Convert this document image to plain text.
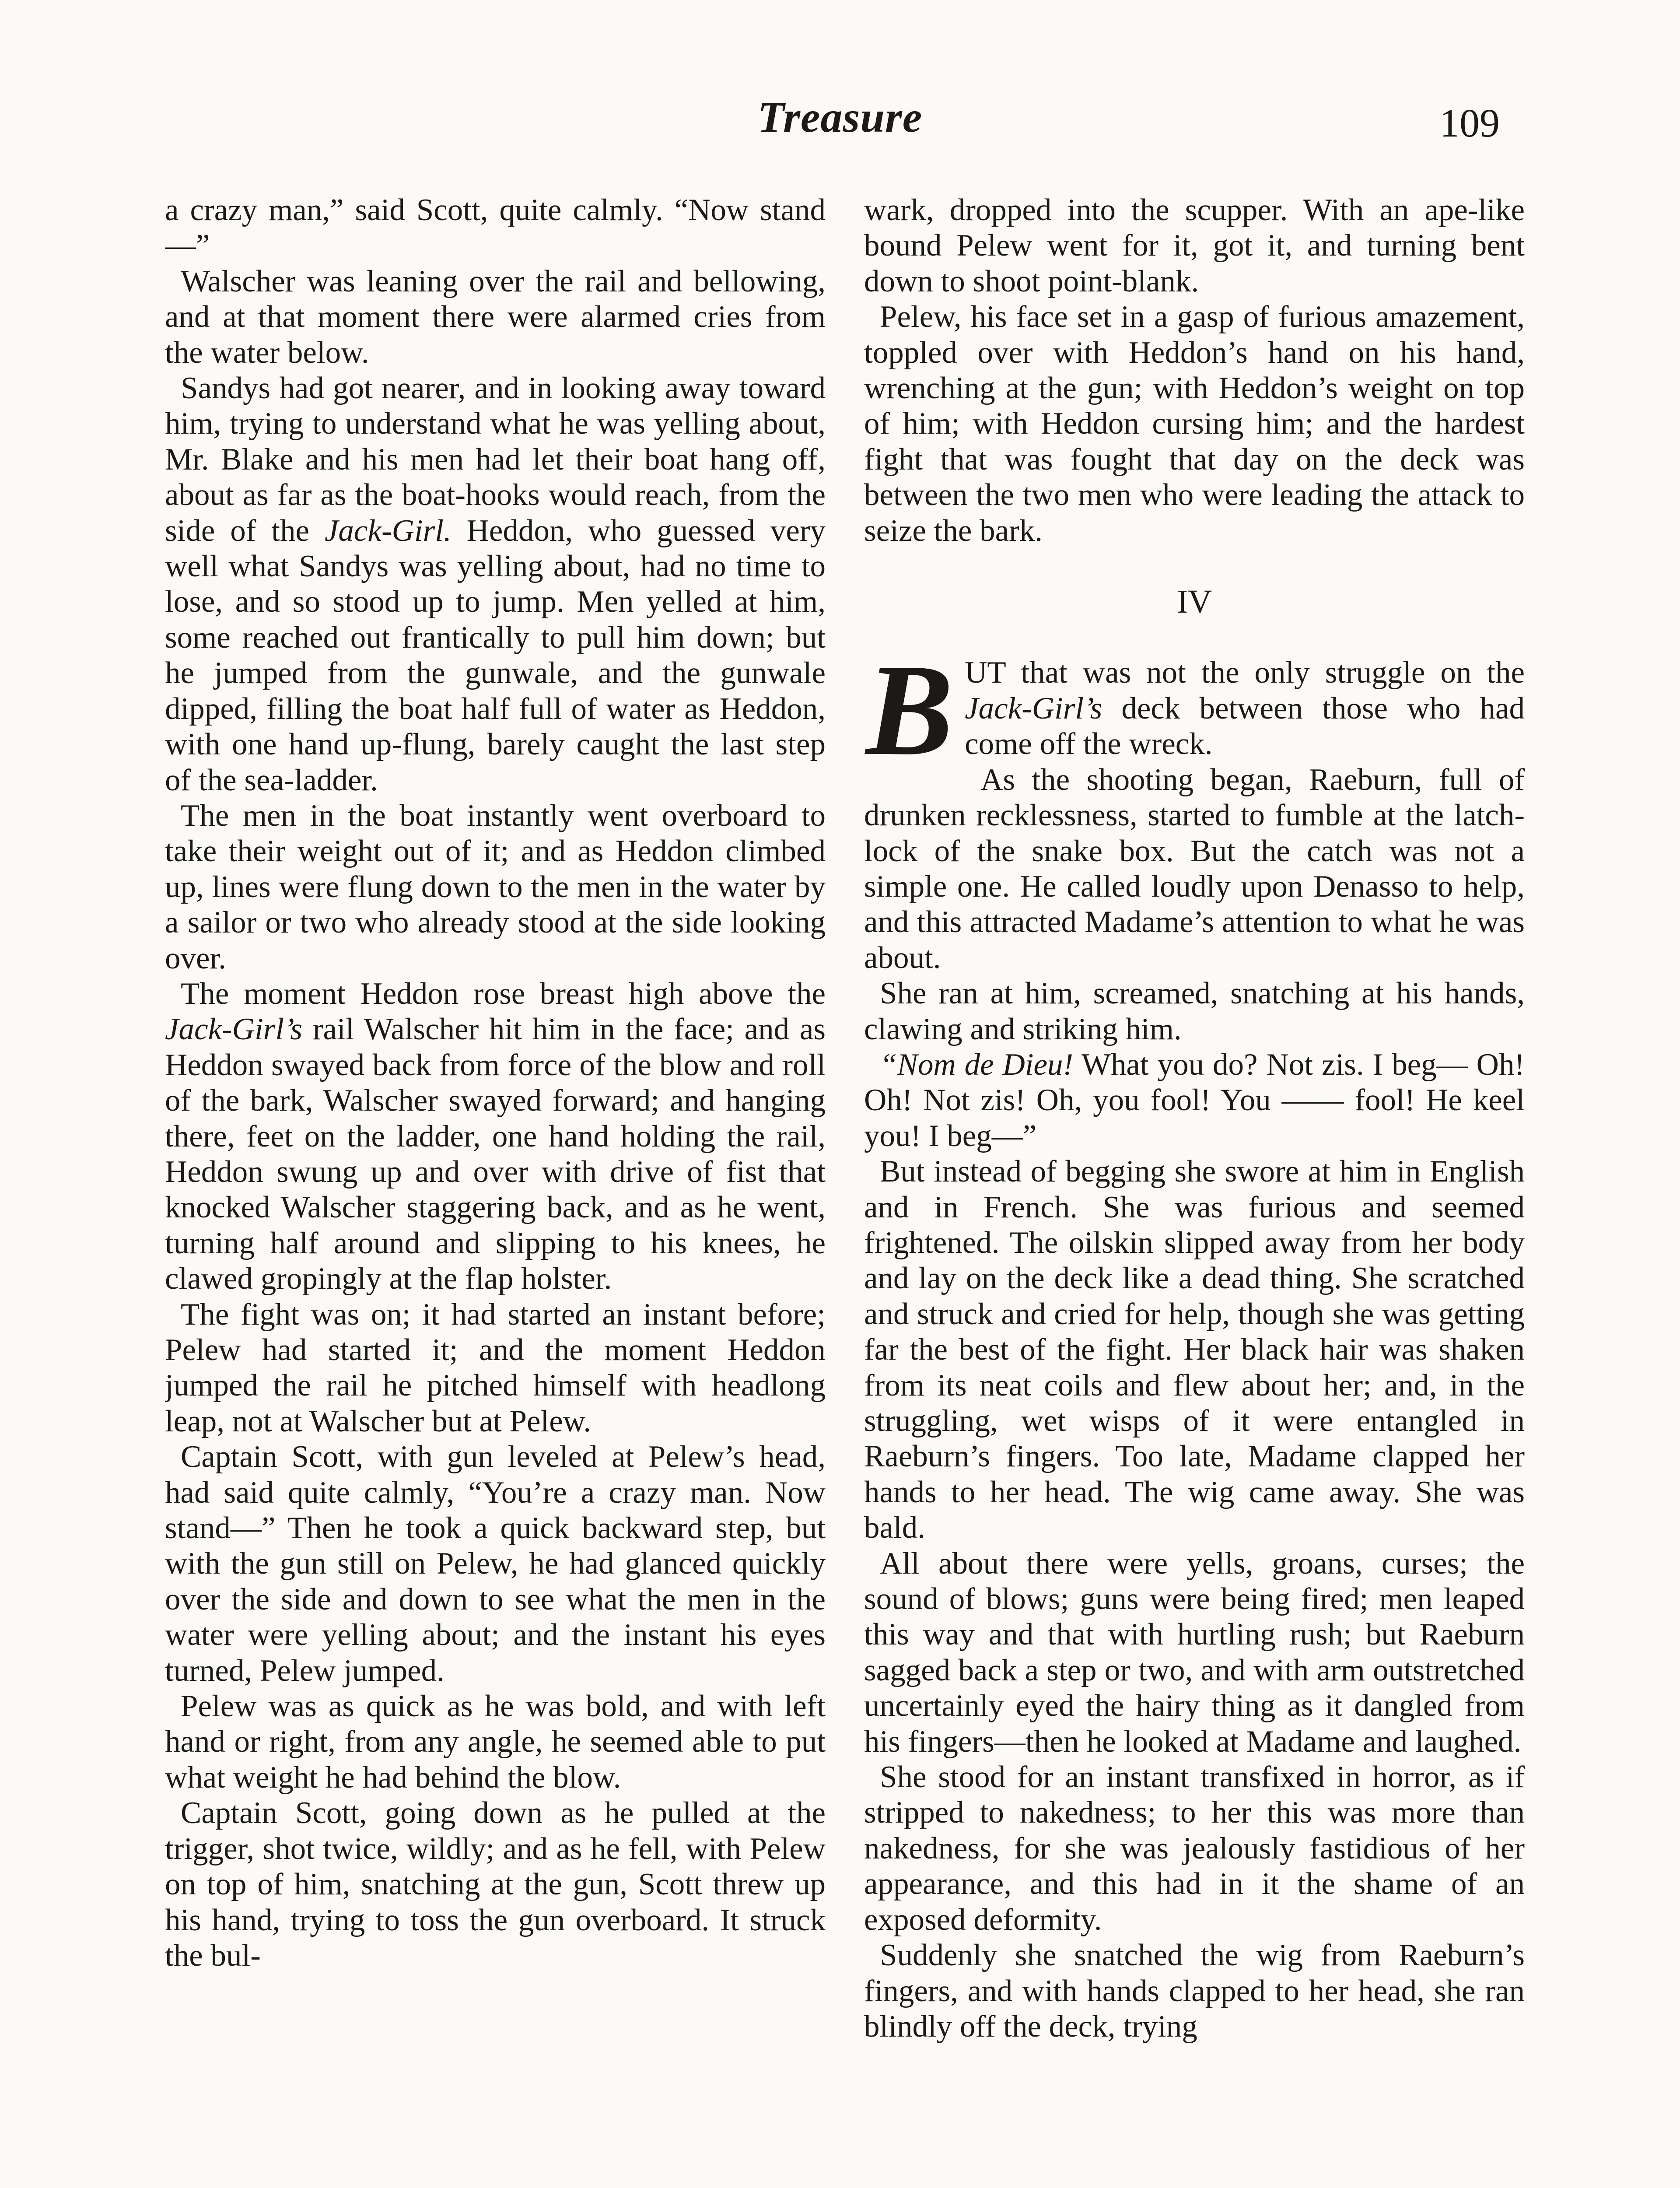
Treasure	109

a crazy man,” said Scott, quite calmly. “Now stand—”

Walscher was leaning over the rail and bellowing, and at that moment there were alarmed cries from the water below.

Sandys had got nearer, and in looking away toward him, trying to understand what he was yelling about, Mr. Blake and his men had let their boat hang off, about as far as the boat-hooks would reach, from the side of the Jack-Girl. Heddon, who guessed very well what Sandys was yelling about, had no time to lose, and so stood up to jump. Men yelled at him, some reached out frantically to pull him down; but he jumped from the gunwale, and the gunwale dipped, filling the boat half full of water as Heddon, with one hand up-flung, barely caught the last step of the sea-ladder.

The men in the boat instantly went overboard to take their weight out of it; and as Heddon climbed up, lines were flung down to the men in the water by a sailor or two who already stood at the side looking over.

The moment Heddon rose breast high above the Jack-Girl’s rail Walscher hit him in the face; and as Heddon swayed back from force of the blow and roll of the bark, Walscher swayed forward; and hanging there, feet on the ladder, one hand holding the rail, Heddon swung up and over with drive of fist that knocked Walscher staggering back, and as he went, turning half around and slipping to his knees, he clawed gropingly at the flap holster.

The fight was on; it had started an instant before; Pelew had started it; and the moment Heddon jumped the rail he pitched himself with headlong leap, not at Walscher but at Pelew.

Captain Scott, with gun leveled at Pelew’s head, had said quite calmly, “You’re a crazy man. Now stand—” Then he took a quick backward step, but with the gun still on Pelew, he had glanced quickly over the side and down to see what the men in the water were yelling about; and the instant his eyes turned, Pelew jumped.

Pelew was as quick as he was bold, and with left hand or right, from any angle, he seemed able to put what weight he had behind the blow.

Captain Scott, going down as he pulled at the trigger, shot twice, wildly; and as he fell, with Pelew on top of him, snatching at the gun, Scott threw up his hand, trying to toss the gun overboard. It struck the bul-

wark, dropped into the scupper. With an ape-like bound Pelew went for it, got it, and turning bent down to shoot point-blank.

Pelew, his face set in a gasp of furious amazement, toppled over with Heddon’s hand on his hand, wrenching at the gun; with Heddon’s weight on top of him; with Heddon cursing him; and the hardest fight that was fought that day on the deck was between the two men who were leading the attack to seize the bark.

IV

BUT that was not the only struggle on the Jack-Girl’s deck between those who had come off the wreck.

As the shooting began, Raeburn, full of drunken recklessness, started to fumble at the latch-lock of the snake box. But the catch was not a simple one. He called loudly upon Denasso to help, and this attracted Madame’s attention to what he was about.

She ran at him, screamed, snatching at his hands, clawing and striking him.

“Nom de Dieu! What you do? Not zis. I beg— Oh! Oh! Not zis! Oh, you fool! You —— fool! He keel you! I beg—”

But instead of begging she swore at him in English and in French. She was furious and seemed frightened. The oilskin slipped away from her body and lay on the deck like a dead thing. She scratched and struck and cried for help, though she was getting far the best of the fight. Her black hair was shaken from its neat coils and flew about her; and, in the struggling, wet wisps of it were entangled in Raeburn’s fingers. Too late, Madame clapped her hands to her head. The wig came away. She was bald.

All about there were yells, groans, curses; the sound of blows; guns were being fired; men leaped this way and that with hurtling rush; but Raeburn sagged back a step or two, and with arm outstretched uncertainly eyed the hairy thing as it dangled from his fingers—then he looked at Madame and laughed.

She stood for an instant transfixed in horror, as if stripped to nakedness; to her this was more than nakedness, for she was jealously fastidious of her appearance, and this had in it the shame of an exposed deformity.

Suddenly she snatched the wig from Raeburn’s fingers, and with hands clapped to her head, she ran blindly off the deck, trying
